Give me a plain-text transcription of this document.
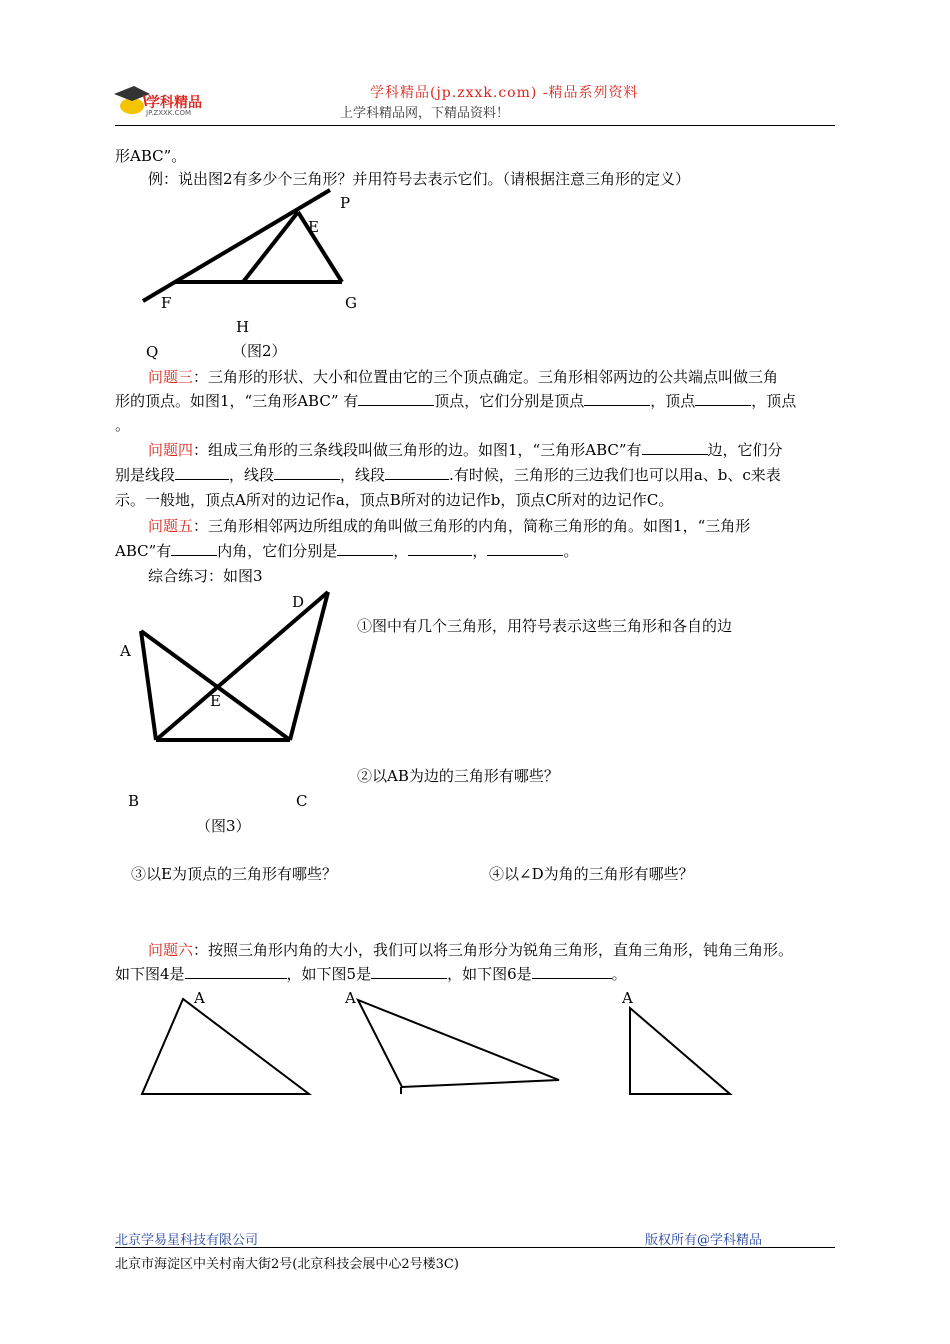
学科精品
JP.ZXXK.COM
学科精品(jp.zxxk.com) -精品系列资料
上学科精品网，下精品资料！
形ABC”。
例：说出图2有多少个三角形？并用符号去表示它们。（请根据注意三角形的定义）
P
E
F	G
H
Q	（图2）
问题三：三角形的形状、大小和位置由它的三个顶点确定。三角形相邻两边的公共端点叫做三角
形的顶点。如图1，“三角形ABC” 有	顶点，它们分别是顶点	，顶点	，顶点
。
问题四：组成三角形的三条线段叫做三角形的边。如图1，“三角形ABC”有	边，它们分
别是线段	，线段	，线段	.有时候，三角形的三边我们也可以用a、b、c来表
示。一般地，顶点A所对的边记作a，顶点B所对的边记作b，顶点C所对的边记作C。
问题五：三角形相邻两边所组成的角叫做三角形的内角，简称三角形的角。如图1，“三角形
ABC”有	内角，它们分别是	，	，	。
综合练习：如图3
D
A
E
B	C
（图3）
①图中有几个三角形，用符号表示这些三角形和各自的边
②以AB为边的三角形有哪些？
③以E为顶点的三角形有哪些？	④以∠D为角的三角形有哪些？
问题六：按照三角形内角的大小，我们可以将三角形分为锐角三角形，直角三角形，钝角三角形。
如下图4是	，如下图5是	，如下图6是	。
A	A	A
北京学易星科技有限公司	版权所有@学科精品
北京市海淀区中关村南大街2号(北京科技会展中心2号楼3C)
